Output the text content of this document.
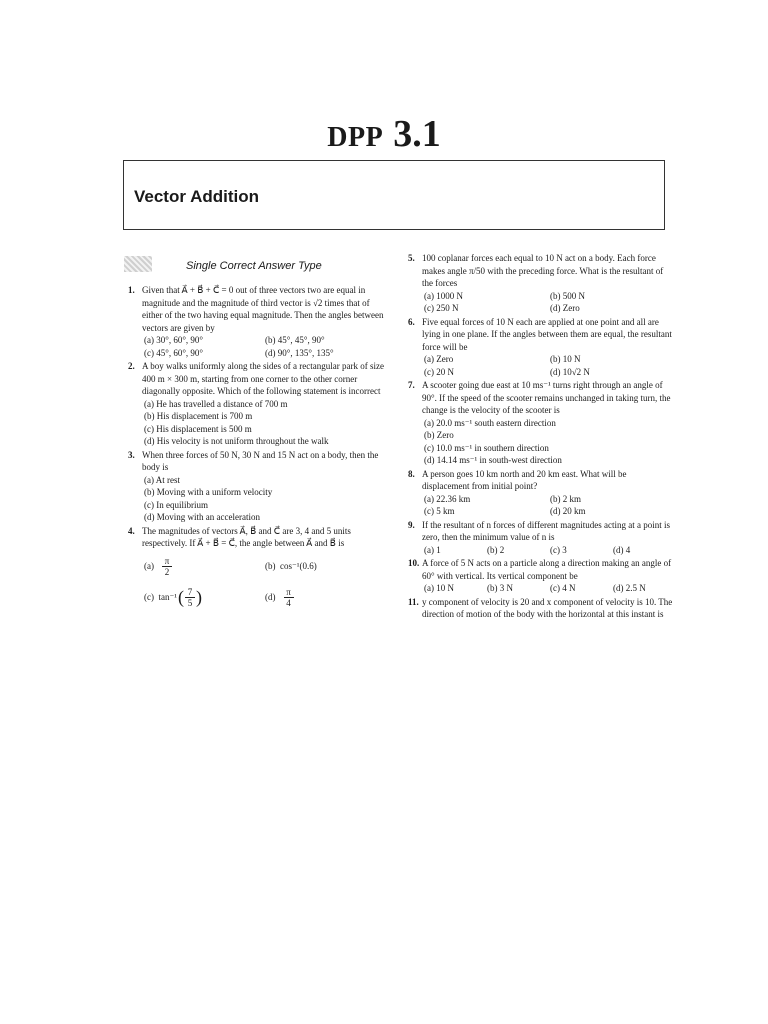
DPP 3.1
Vector Addition
Single Correct Answer Type
1. Given that A⃗ + B⃗ + C⃗ = 0 out of three vectors two are equal in magnitude and the magnitude of third vector is √2 times that of either of the two having equal magnitude. Then the angles between vectors are given by
(a) 30°, 60°, 90°	(b) 45°, 45°, 90°
(c) 45°, 60°, 90°	(d) 90°, 135°, 135°
2. A boy walks uniformly along the sides of a rectangular park of size 400 m × 300 m, starting from one corner to the other corner diagonally opposite. Which of the following statement is incorrect
(a) He has travelled a distance of 700 m
(b) His displacement is 700 m
(c) His displacement is 500 m
(d) His velocity is not uniform throughout the walk
3. When three forces of 50 N, 30 N and 15 N act on a body, then the body is
(a) At rest
(b) Moving with a uniform velocity
(c) In equilibrium
(d) Moving with an acceleration
4. The magnitudes of vectors A⃗, B⃗ and C⃗ are 3, 4 and 5 units respectively. If A⃗ + B⃗ = C⃗, the angle between A⃗ and B⃗ is
$(a) \frac{\pi}{2}$	(b) cos⁻¹(0.6)
(c) tan⁻¹ ( $\frac{7}{5}$ )	$(d) \frac{\pi}{4}$
5. 100 coplanar forces each equal to 10 N act on a body. Each force makes angle π/50 with the preceding force. What is the resultant of the forces
(a) 1000 N	(b) 500 N
(c) 250 N	(d) Zero
6. Five equal forces of 10 N each are applied at one point and all are lying in one plane. If the angles between them are equal, the resultant force will be
(a) Zero	(b) 10 N
(c) 20 N	(d) 10√2 N
7. A scooter going due east at 10 ms⁻¹ turns right through an angle of 90°. If the speed of the scooter remains unchanged in taking turn, the change is the velocity of the scooter is
(a) 20.0 ms⁻¹ south eastern direction
(b) Zero
(c) 10.0 ms⁻¹ in southern direction
(d) 14.14 ms⁻¹ in south-west direction
8. A person goes 10 km north and 20 km east. What will be displacement from initial point?
(a) 22.36 km	(b) 2 km
(c) 5 km	(d) 20 km
9. If the resultant of n forces of different magnitudes acting at a point is zero, then the minimum value of n is
(a) 1	(b) 2	(c) 3	(d) 4
10. A force of 5 N acts on a particle along a direction making an angle of 60° with vertical. Its vertical component be
(a) 10 N	(b) 3 N	(c) 4 N	(d) 2.5 N
11. y component of velocity is 20 and x component of velocity is 10. The direction of motion of the body with the horizontal at this instant is
